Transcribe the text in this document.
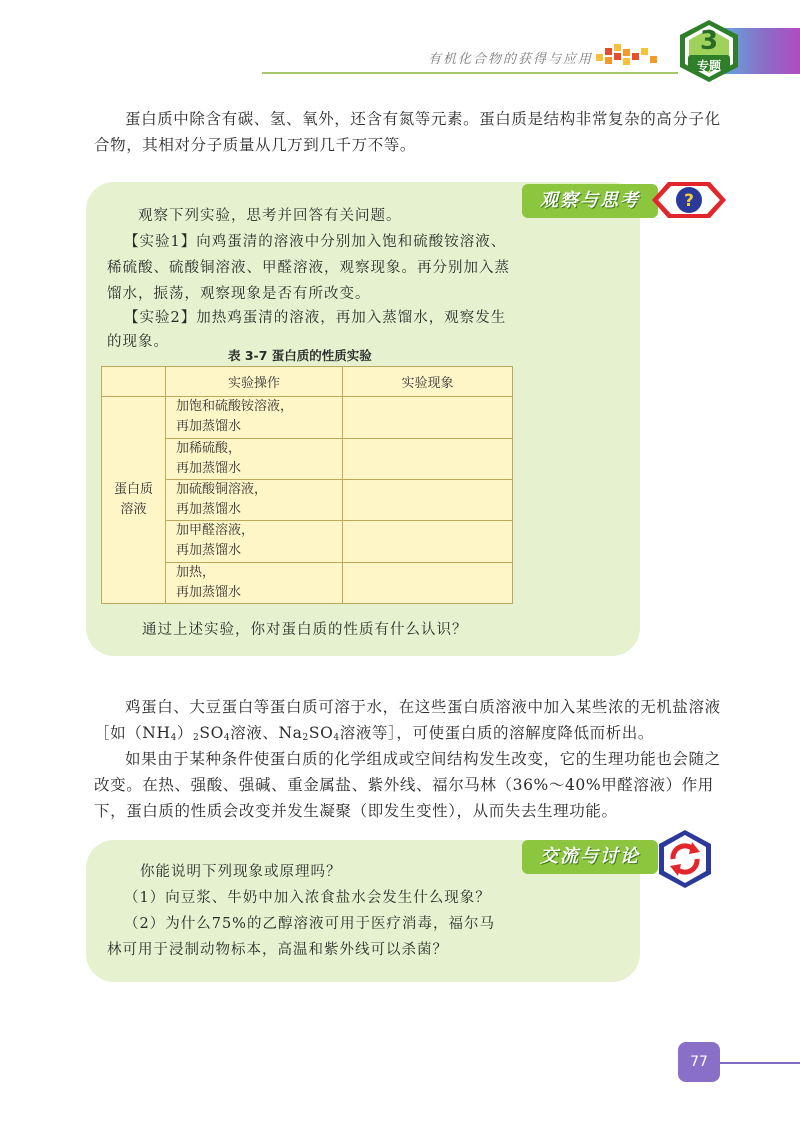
有机化合物的获得与应用
3
专题
蛋白质中除含有碳、氢、氧外，还含有氮等元素。蛋白质是结构非常复杂的高分子化合物，其相对分子质量从几万到几千万不等。
观察与思考	?
观察下列实验，思考并回答有关问题。
【实验1】向鸡蛋清的溶液中分别加入饱和硫酸铵溶液、
稀硫酸、硫酸铜溶液、甲醛溶液，观察现象。再分别加入蒸
馏水，振荡，观察现象是否有所改变。
【实验2】加热鸡蛋清的溶液，再加入蒸馏水，观察发生
的现象。
表 3-7 蛋白质的性质实验
	实验操作	实验现象
蛋白质
溶液	加饱和硫酸铵溶液，
再加蒸馏水	
	加稀硫酸，
再加蒸馏水	
	加硫酸铜溶液，
再加蒸馏水	
	加甲醛溶液，
再加蒸馏水	
	加热，
再加蒸馏水	
通过上述实验，你对蛋白质的性质有什么认识？
鸡蛋白、大豆蛋白等蛋白质可溶于水，在这些蛋白质溶液中加入某些浓的无机盐溶液［如$(NH_4)_2SO_4$溶液、$Na_2SO_4$溶液等］，可使蛋白质的溶解度降低而析出。
如果由于某种条件使蛋白质的化学组成或空间结构发生改变，它的生理功能也会随之改变。在热、强酸、强碱、重金属盐、紫外线、福尔马林（36%～40%甲醛溶液）作用下，蛋白质的性质会改变并发生凝聚（即发生变性），从而失去生理功能。
交流与讨论
你能说明下列现象或原理吗？
（1）向豆浆、牛奶中加入浓食盐水会发生什么现象？
（2）为什么75%的乙醇溶液可用于医疗消毒，福尔马
林可用于浸制动物标本，高温和紫外线可以杀菌？
77
